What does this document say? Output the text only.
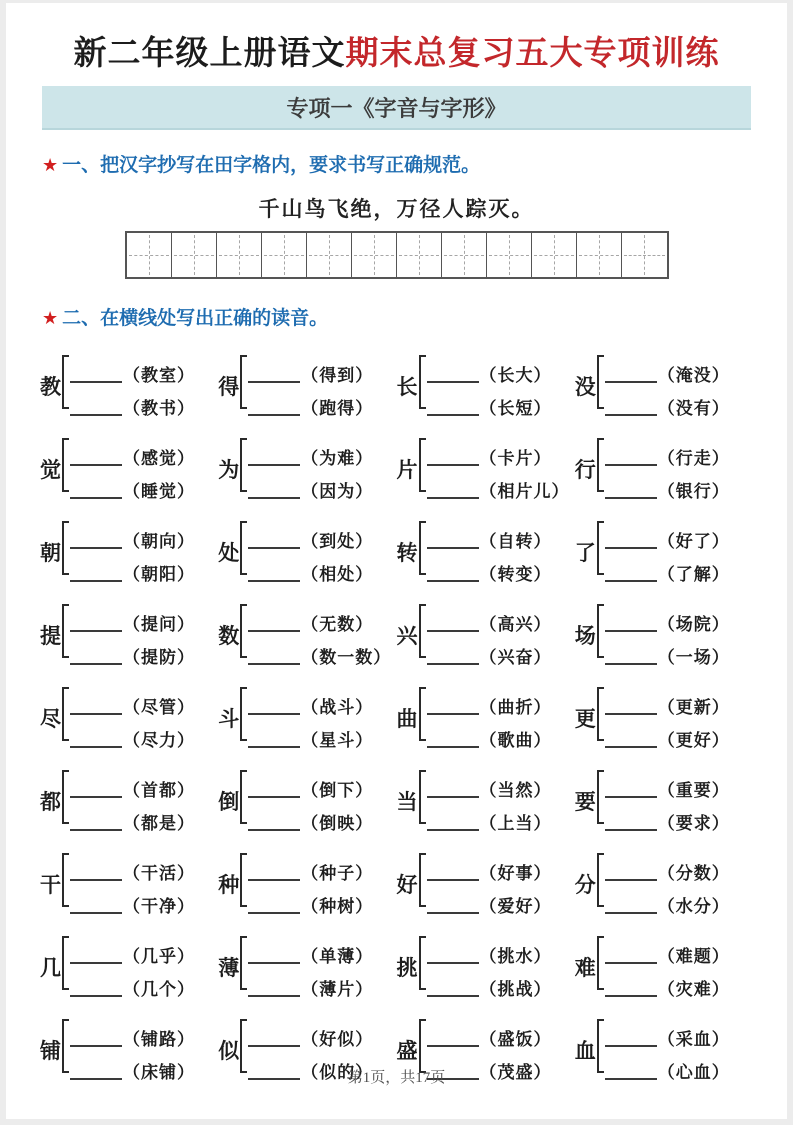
新二年级上册语文期末总复习五大专项训练
专项一《字音与字形》
★ 一、把汉字抄写在田字格内，要求书写正确规范。
千山鸟飞绝，万径人踪灭。
★ 二、在横线处写出正确的读音。
教	（教室）
（教书）
得	（得到）
（跑得）
长	（长大）
（长短）
没	（淹没）
（没有）
觉	（感觉）
（睡觉）
为	（为难）
（因为）
片	（卡片）
（相片儿）
行	（行走）
（银行）
朝	（朝向）
（朝阳）
处	（到处）
（相处）
转	（自转）
（转变）
了	（好了）
（了解）
提	（提问）
（提防）
数	（无数）
（数一数）
兴	（高兴）
（兴奋）
场	（场院）
（一场）
尽	（尽管）
（尽力）
斗	（战斗）
（星斗）
曲	（曲折）
（歌曲）
更	（更新）
（更好）
都	（首都）
（都是）
倒	（倒下）
（倒映）
当	（当然）
（上当）
要	（重要）
（要求）
干	（干活）
（干净）
种	（种子）
（种树）
好	（好事）
（爱好）
分	（分数）
（水分）
几	（几乎）
（几个）
薄	（单薄）
（薄片）
挑	（挑水）
（挑战）
难	（难题）
（灾难）
铺	（铺路）
（床铺）
似	（好似）
（似的）
盛	（盛饭）
（茂盛）
血	（采血）
（心血）
第1页，共17页
